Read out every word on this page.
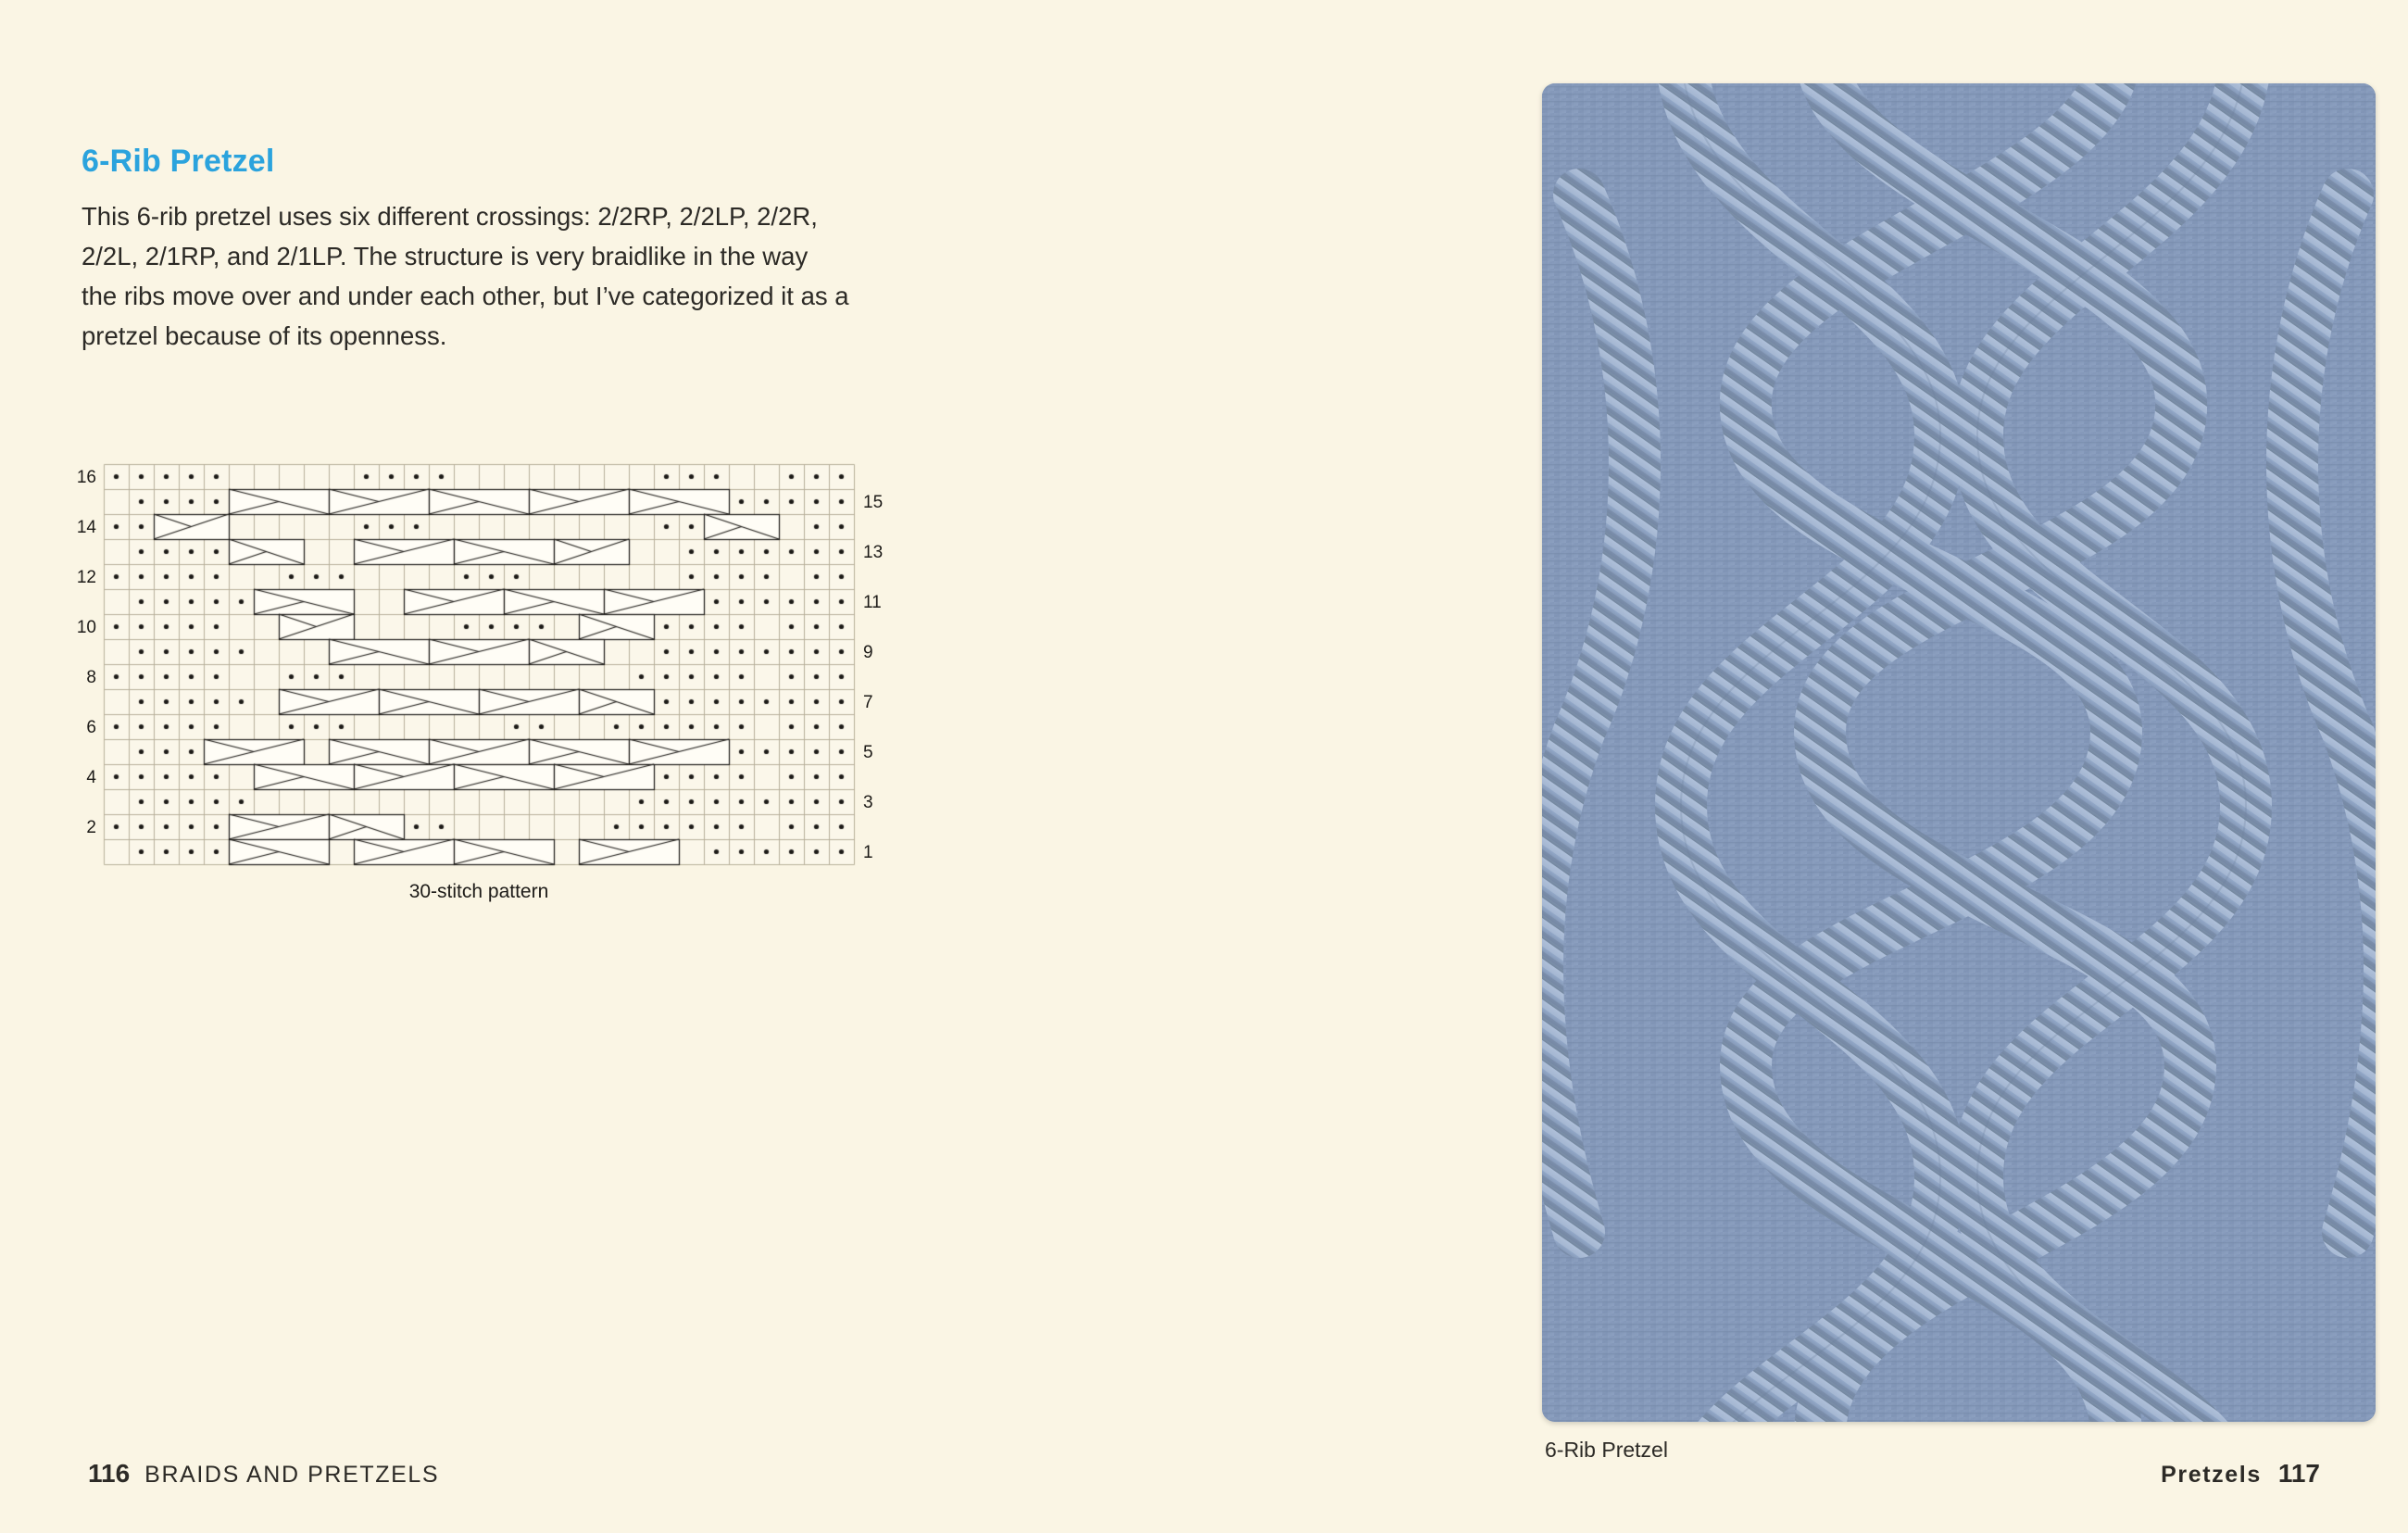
6-Rib Pretzel
This 6-rib pretzel uses six different crossings: 2/2RP, 2/2LP, 2/2R, 2/2L, 2/1RP, and 2/1LP. The structure is very braidlike in the way the ribs move over and under each other, but I’ve categorized it as a pretzel because of its openness.
16
14
12
10
8
6
4
2
15
13
11
9
7
5
3
1
30-stitch pattern
116 BRAIDS AND PRETZELS
6-Rib Pretzel
Pretzels 117
